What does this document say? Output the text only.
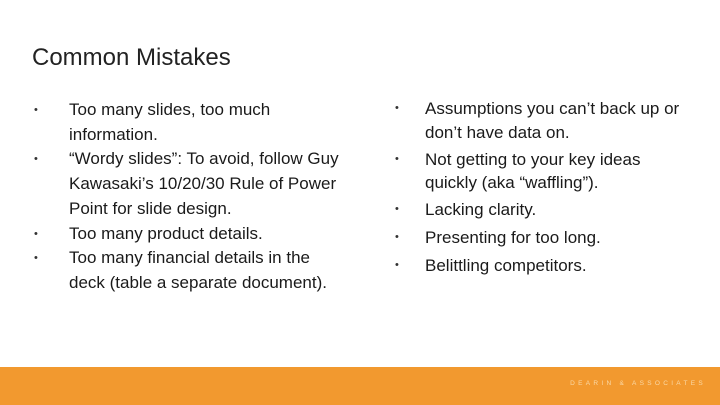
Common Mistakes
• Too many slides, too much information.
• “Wordy slides”: To avoid, follow Guy Kawasaki’s 10/20/30 Rule of Power Point for slide design.
• Too many product details.
• Too many financial details in the deck (table a separate document).
• Assumptions you can’t back up or don’t have data on.
• Not getting to your key ideas quickly (aka “waffling”).
• Lacking clarity.
• Presenting for too long.
• Belittling competitors.
DEARIN & ASSOCIATES
